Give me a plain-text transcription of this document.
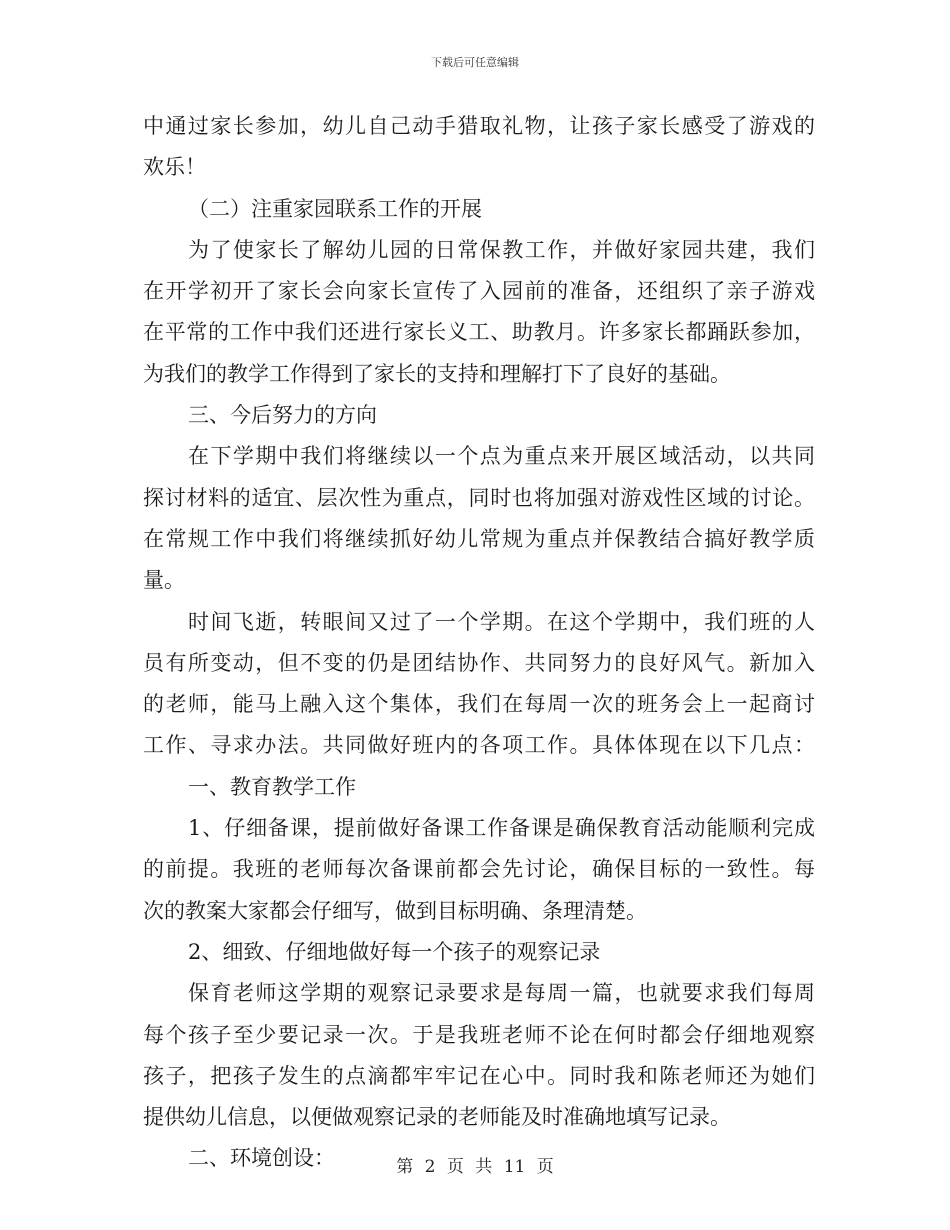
下载后可任意编辑
中通过家长参加，幼儿自己动手猎取礼物，让孩子家长感受了游戏的
欢乐！
（二）注重家园联系工作的开展
为了使家长了解幼儿园的日常保教工作，并做好家园共建，我们
在开学初开了家长会向家长宣传了入园前的准备，还组织了亲子游戏
在平常的工作中我们还进行家长义工、助教月。许多家长都踊跃参加，
为我们的教学工作得到了家长的支持和理解打下了良好的基础。
三、今后努力的方向
在下学期中我们将继续以一个点为重点来开展区域活动，以共同
探讨材料的适宜、层次性为重点，同时也将加强对游戏性区域的讨论。
在常规工作中我们将继续抓好幼儿常规为重点并保教结合搞好教学质
量。
时间飞逝，转眼间又过了一个学期。在这个学期中，我们班的人
员有所变动，但不变的仍是团结协作、共同努力的良好风气。新加入
的老师，能马上融入这个集体，我们在每周一次的班务会上一起商讨
工作、寻求办法。共同做好班内的各项工作。具体体现在以下几点：
一、教育教学工作
1、仔细备课，提前做好备课工作备课是确保教育活动能顺利完成
的前提。我班的老师每次备课前都会先讨论，确保目标的一致性。每
次的教案大家都会仔细写，做到目标明确、条理清楚。
2、细致、仔细地做好每一个孩子的观察记录
保育老师这学期的观察记录要求是每周一篇，也就要求我们每周
每个孩子至少要记录一次。于是我班老师不论在何时都会仔细地观察
孩子，把孩子发生的点滴都牢牢记在心中。同时我和陈老师还为她们
提供幼儿信息，以便做观察记录的老师能及时准确地填写记录。
二、环境创设：	第 2 页 共 11 页
